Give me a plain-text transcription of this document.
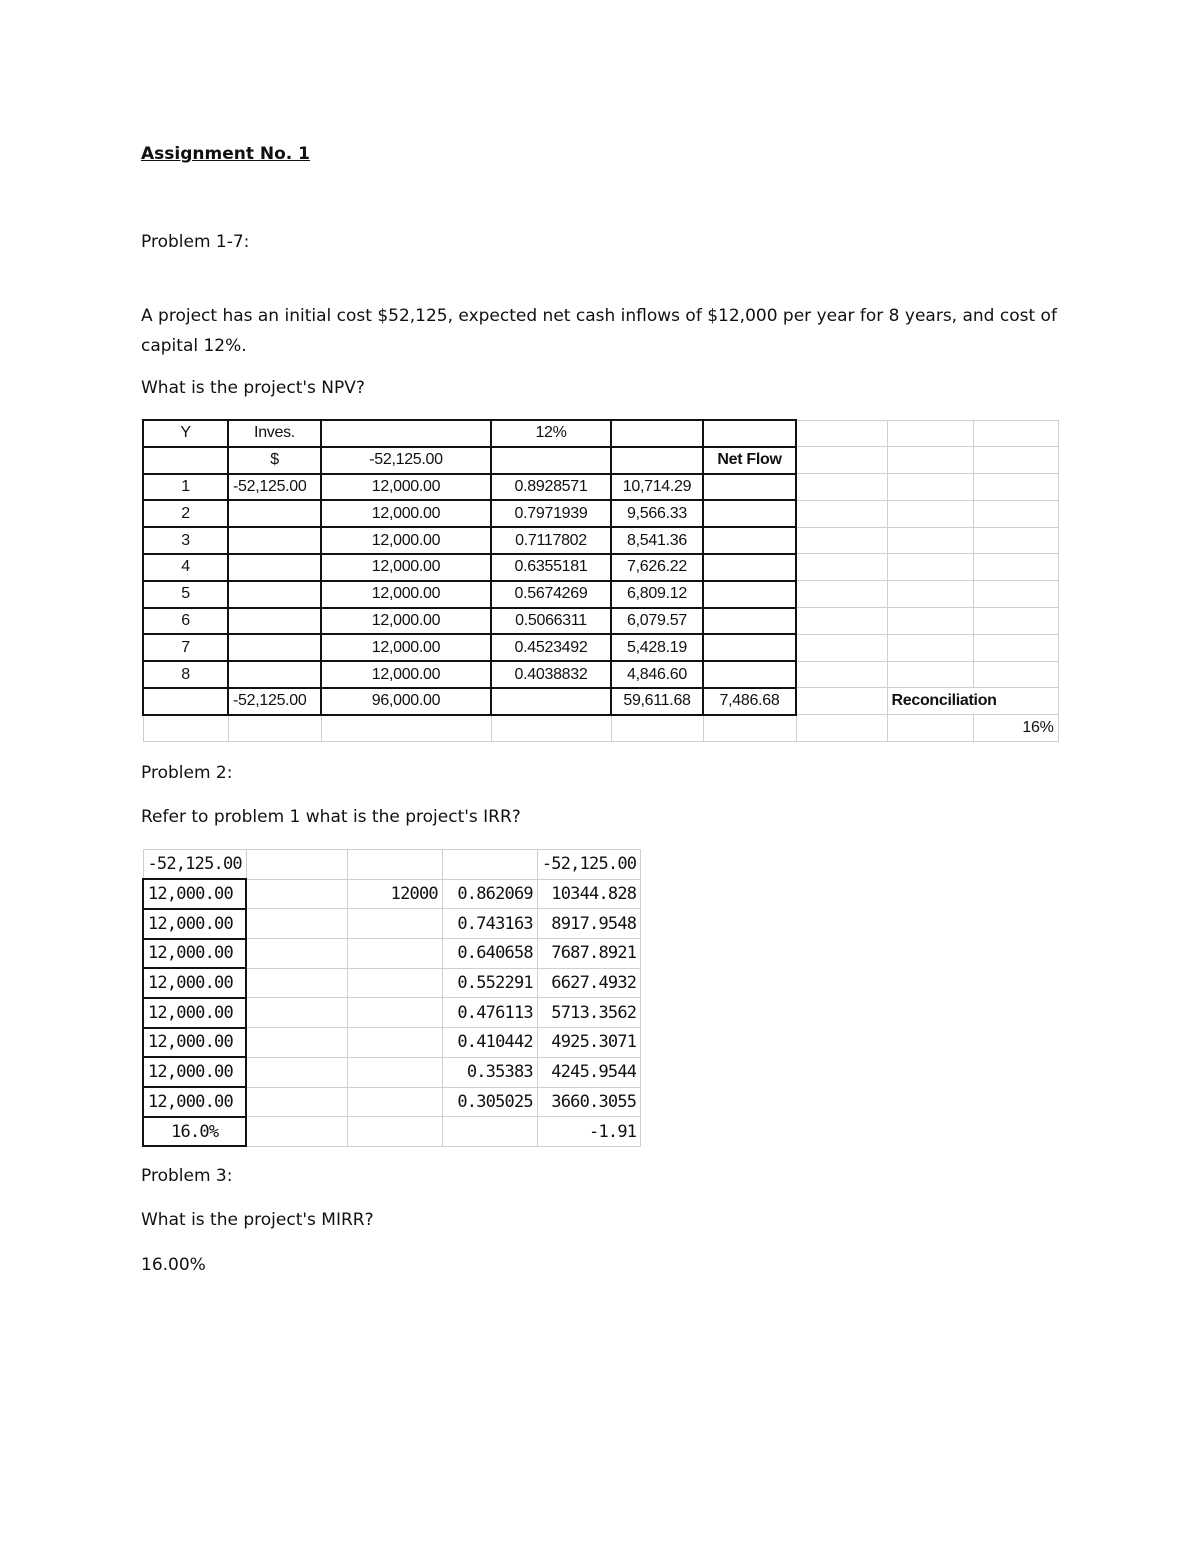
Assignment No. 1
Problem 1-7:
A project has an initial cost $52,125, expected net cash inflows of $12,000 per year for 8 years, and cost of capital 12%.
What is the project's NPV?
Y	Inves.		12%					
	$	-52,125.00			Net Flow			
1	-52,125.00	12,000.00	0.8928571	10,714.29				
2		12,000.00	0.7971939	9,566.33				
3		12,000.00	0.7117802	8,541.36				
4		12,000.00	0.6355181	7,626.22				
5		12,000.00	0.5674269	6,809.12				
6		12,000.00	0.5066311	6,079.57				
7		12,000.00	0.4523492	5,428.19				
8		12,000.00	0.4038832	4,846.60				
	-52,125.00	96,000.00		59,611.68	7,486.68		Reconciliation	
								16%
Problem 2:
Refer to problem 1 what is the project's IRR?
-52,125.00				-52,125.00
12,000.00		12000	0.862069	10344.828
12,000.00			0.743163	8917.9548
12,000.00			0.640658	7687.8921
12,000.00			0.552291	6627.4932
12,000.00			0.476113	5713.3562
12,000.00			0.410442	4925.3071
12,000.00			0.35383	4245.9544
12,000.00			0.305025	3660.3055
16.0%				-1.91
Problem 3:
What is the project's MIRR?
16.00%
